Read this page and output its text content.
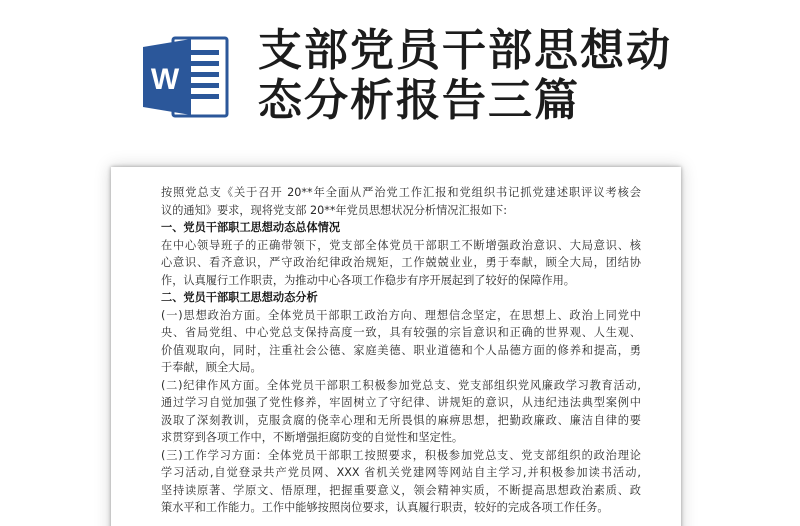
W
支部党员干部思想动
态分析报告三篇
按照党总支《关于召开 20**年全面从严治党工作汇报和党组织书记抓党建述职评议考核会
议的通知》要求，现将党支部 20**年党员思想状况分析情况汇报如下:
一、党员干部职工思想动态总体情况
在中心领导班子的正确带领下，党支部全体党员干部职工不断增强政治意识、大局意识、核
心意识、看齐意识，严守政治纪律政治规矩，工作兢兢业业，勇于奉献，顾全大局，团结协
作，认真履行工作职责，为推动中心各项工作稳步有序开展起到了较好的保障作用。
二、党员干部职工思想动态分析
(一)思想政治方面。全体党员干部职工政治方向、理想信念坚定，在思想上、政治上同党中
央、省局党组、中心党总支保持高度一致，具有较强的宗旨意识和正确的世界观、人生观、
价值观取向，同时，注重社会公德、家庭美德、职业道德和个人品德方面的修养和提高，勇
于奉献，顾全大局。
(二)纪律作风方面。全体党员干部职工积极参加党总支、党支部组织党风廉政学习教育活动,
通过学习自觉加强了党性修养，牢固树立了守纪律、讲规矩的意识，从违纪违法典型案例中
汲取了深刻教训，克服贪腐的侥幸心理和无所畏惧的麻痹思想，把勤政廉政、廉洁自律的要
求贯穿到各项工作中，不断增强拒腐防变的自觉性和坚定性。
(三)工作学习方面：全体党员干部职工按照要求，积极参加党总支、党支部组织的政治理论
学习活动,自觉登录共产党员网、XXX 省机关党建网等网站自主学习,并积极参加读书活动,
坚持读原著、学原文、悟原理，把握重要意义，领会精神实质，不断提高思想政治素质、政
策水平和工作能力。工作中能够按照岗位要求，认真履行职责，较好的完成各项工作任务。
